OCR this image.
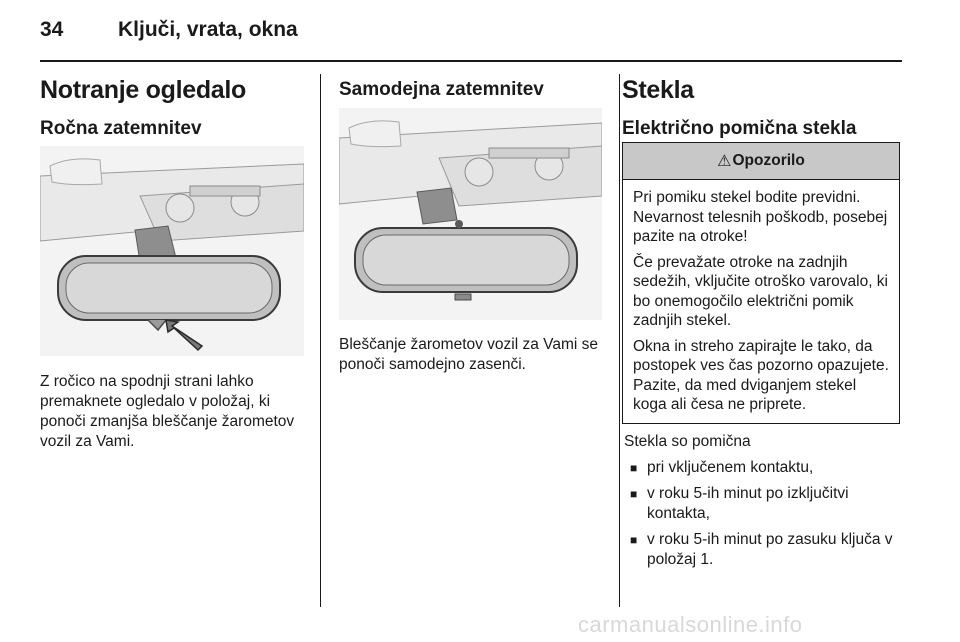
34	Ključi, vrata, okna
Notranje ogledalo
Ročna zatemnitev
Z ročico na spodnji strani lahko premaknete ogledalo v položaj, ki ponoči zmanjša bleščanje žarometov vozil za Vami.
Samodejna zatemnitev
Bleščanje žarometov vozil za Vami se ponoči samodejno zasenči.
Stekla
Električno pomična stekla
⚠ Opozorilo

Pri pomiku stekel bodite previdni. Nevarnost telesnih poškodb, posebej pazite na otroke!

Če prevažate otroke na zadnjih sedežih, vključite otroško varovalo, ki bo onemogočilo električni pomik zadnjih stekel.

Okna in streho zapirajte le tako, da postopek ves čas pozorno opazujete. Pazite, da med dviganjem stekel koga ali česa ne priprete.

Stekla so pomična
■ pri vključenem kontaktu,
■ v roku 5-ih minut po izključitvi kontakta,
■ v roku 5-ih minut po zasuku ključa v položaj 1.
carmanualsonline.info
